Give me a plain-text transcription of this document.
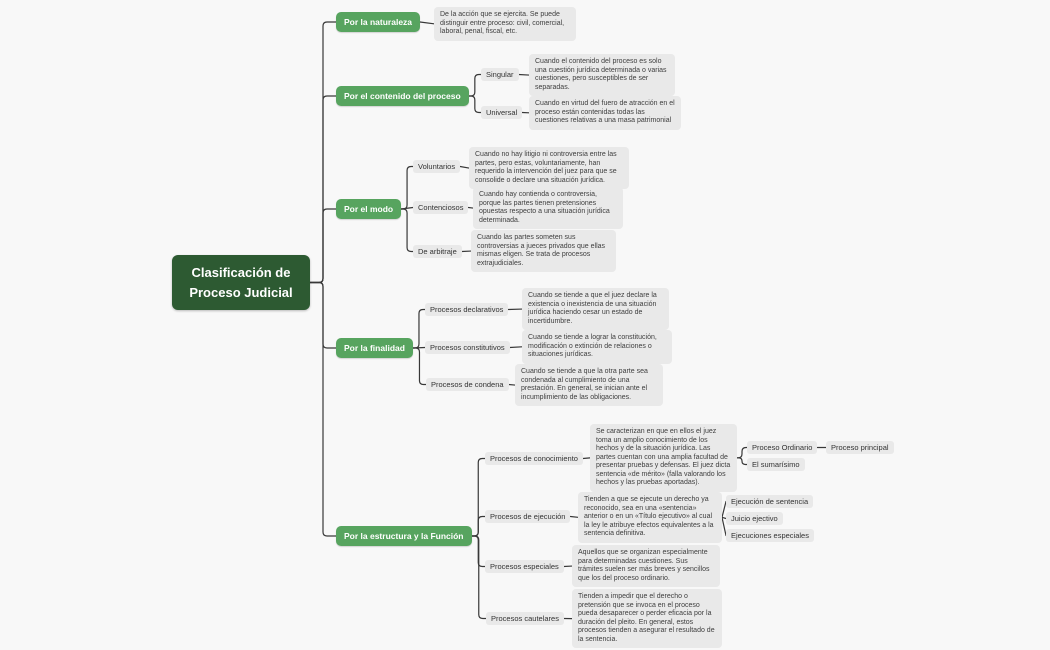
Clasificación de Proceso Judicial
Por la naturaleza
De la acción que se ejercita. Se puede distinguir entre proceso: civil, comercial, laboral, penal, fiscal, etc.
Por el contenido del proceso
Singular
Cuando el contenido del proceso es solo una cuestión jurídica determinada o varias cuestiones, pero susceptibles de ser separadas.
Universal
Cuando en virtud del fuero de atracción en el proceso están contenidas todas las cuestiones relativas a una masa patrimonial
Por el modo
Voluntarios
Cuando no hay litigio ni controversia entre las partes, pero estas, voluntariamente, han requerido la intervención del juez para que se consolide o declare una situación jurídica.
Contenciosos
Cuando hay contienda o controversia, porque las partes tienen pretensiones opuestas respecto a una situación jurídica determinada.
De arbitraje
Cuando las partes someten sus controversias a jueces privados que ellas mismas eligen. Se trata de procesos extrajudiciales.
Por la finalidad
Procesos declarativos
Cuando se tiende a que el juez declare la existencia o inexistencia de una situación jurídica haciendo cesar un estado de incertidumbre.
Procesos constitutivos
Cuando se tiende a lograr la constitución, modificación o extinción de relaciones o situaciones jurídicas.
Procesos de condena
Cuando se tiende a que la otra parte sea condenada al cumplimiento de una prestación. En general, se inician ante el incumplimiento de las obligaciones.
Por la estructura y la Función
Procesos de conocimiento
Se caracterizan en que en ellos el juez toma un amplio conocimiento de los hechos y de la situación jurídica. Las partes cuentan con una amplia facultad de presentar pruebas y defensas. El juez dicta sentencia «de mérito» (falla valorando los hechos y las pruebas aportadas).
Proceso Ordinario	Proceso principal
El sumarísimo
Procesos de ejecución
Tienden a que se ejecute un derecho ya reconocido, sea en una «sentencia» anterior o en un «Título ejecutivo» al cual la ley le atribuye efectos equivalentes a la sentencia definitiva.
Ejecución de sentencia
Juicio ejectivo
Ejecuciones especiales
Procesos especiales
Aquellos que se organizan especialmente para determinadas cuestiones. Sus trámites suelen ser más breves y sencillos que los del proceso ordinario.
Procesos cautelares
Tienden a impedir que el derecho o pretensión que se invoca en el proceso pueda desaparecer o perder eficacia por la duración del pleito. En general, estos procesos tienden a asegurar el resultado de la sentencia.
